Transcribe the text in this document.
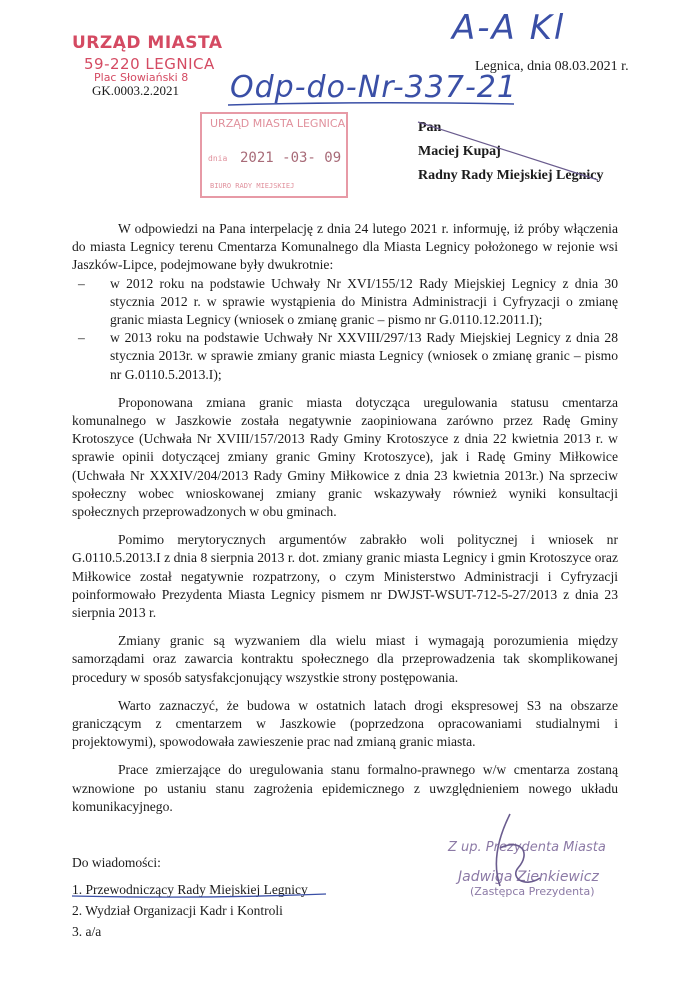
URZĄD MIASTA
59-220 LEGNICA
Plac Słowiański 8
GK.0003.2.2021
A-A Kl
Odp-do-Nr-337-21
Legnica, dnia 08.03.2021 r.
URZĄD MIASTA LEGNICA
dnia 2021 -03- 09
BIURO RADY MIEJSKIEJ
Pan
Maciej Kupaj
Radny Rady Miejskiej Legnicy

W odpowiedzi na Pana interpelację z dnia 24 lutego 2021 r. informuję, iż próby włączenia do miasta Legnicy terenu Cmentarza Komunalnego dla Miasta Legnicy położonego w rejonie wsi Jaszków-Lipce, podejmowane były dwukrotnie:

– w 2012 roku na podstawie Uchwały Nr XVI/155/12 Rady Miejskiej Legnicy z dnia 30 stycznia 2012 r. w sprawie wystąpienia do Ministra Administracji i Cyfryzacji o zmianę granic miasta Legnicy (wniosek o zmianę granic – pismo nr G.0110.12.2011.I);
– w 2013 roku na podstawie Uchwały Nr XXVIII/297/13 Rady Miejskiej Legnicy z dnia 28 stycznia 2013r. w sprawie zmiany granic miasta Legnicy (wniosek o zmianę granic – pismo nr G.0110.5.2013.I);

Proponowana zmiana granic miasta dotycząca uregulowania statusu cmentarza komunalnego w Jaszkowie została negatywnie zaopiniowana zarówno przez Radę Gminy Krotoszyce (Uchwała Nr XVIII/157/2013 Rady Gminy Krotoszyce z dnia 22 kwietnia 2013 r. w sprawie opinii dotyczącej zmiany granic Gminy Krotoszyce), jak i Radę Gminy Miłkowice (Uchwała Nr XXXIV/204/2013 Rady Gminy Miłkowice z dnia 23 kwietnia 2013r.) Na sprzeciw społeczny wobec wnioskowanej zmiany granic wskazywały również wyniki konsultacji społecznych przeprowadzonych w obu gminach.

Pomimo merytorycznych argumentów zabrakło woli politycznej i wniosek nr G.0110.5.2013.I z dnia 8 sierpnia 2013 r. dot. zmiany granic miasta Legnicy i gmin Krotoszyce oraz Miłkowice został negatywnie rozpatrzony, o czym Ministerstwo Administracji i Cyfryzacji poinformowało Prezydenta Miasta Legnicy pismem nr DWJST-WSUT-712-5-27/2013 z dnia 23 sierpnia 2013 r.

Zmiany granic są wyzwaniem dla wielu miast i wymagają porozumienia między samorządami oraz zawarcia kontraktu społecznego dla przeprowadzenia tak skomplikowanej procedury w sposób satysfakcjonujący wszystkie strony postępowania.

Warto zaznaczyć, że budowa w ostatnich latach drogi ekspresowej S3 na obszarze graniczącym z cmentarzem w Jaszkowie (poprzedzona opracowaniami studialnymi i projektowymi), spowodowała zawieszenie prac nad zmianą granic miasta.

Prace zmierzające do uregulowania stanu formalno-prawnego w/w cmentarza zostaną wznowione po ustaniu stanu zagrożenia epidemicznego z uwzględnieniem nowego układu komunikacyjnego.

Z up. Prezydenta Miasta
Jadwiga Zienkiewicz
(Zastępca Prezydenta)
Do wiadomości:
1. Przewodniczący Rady Miejskiej Legnicy
2. Wydział Organizacji Kadr i Kontroli
3. a/a
